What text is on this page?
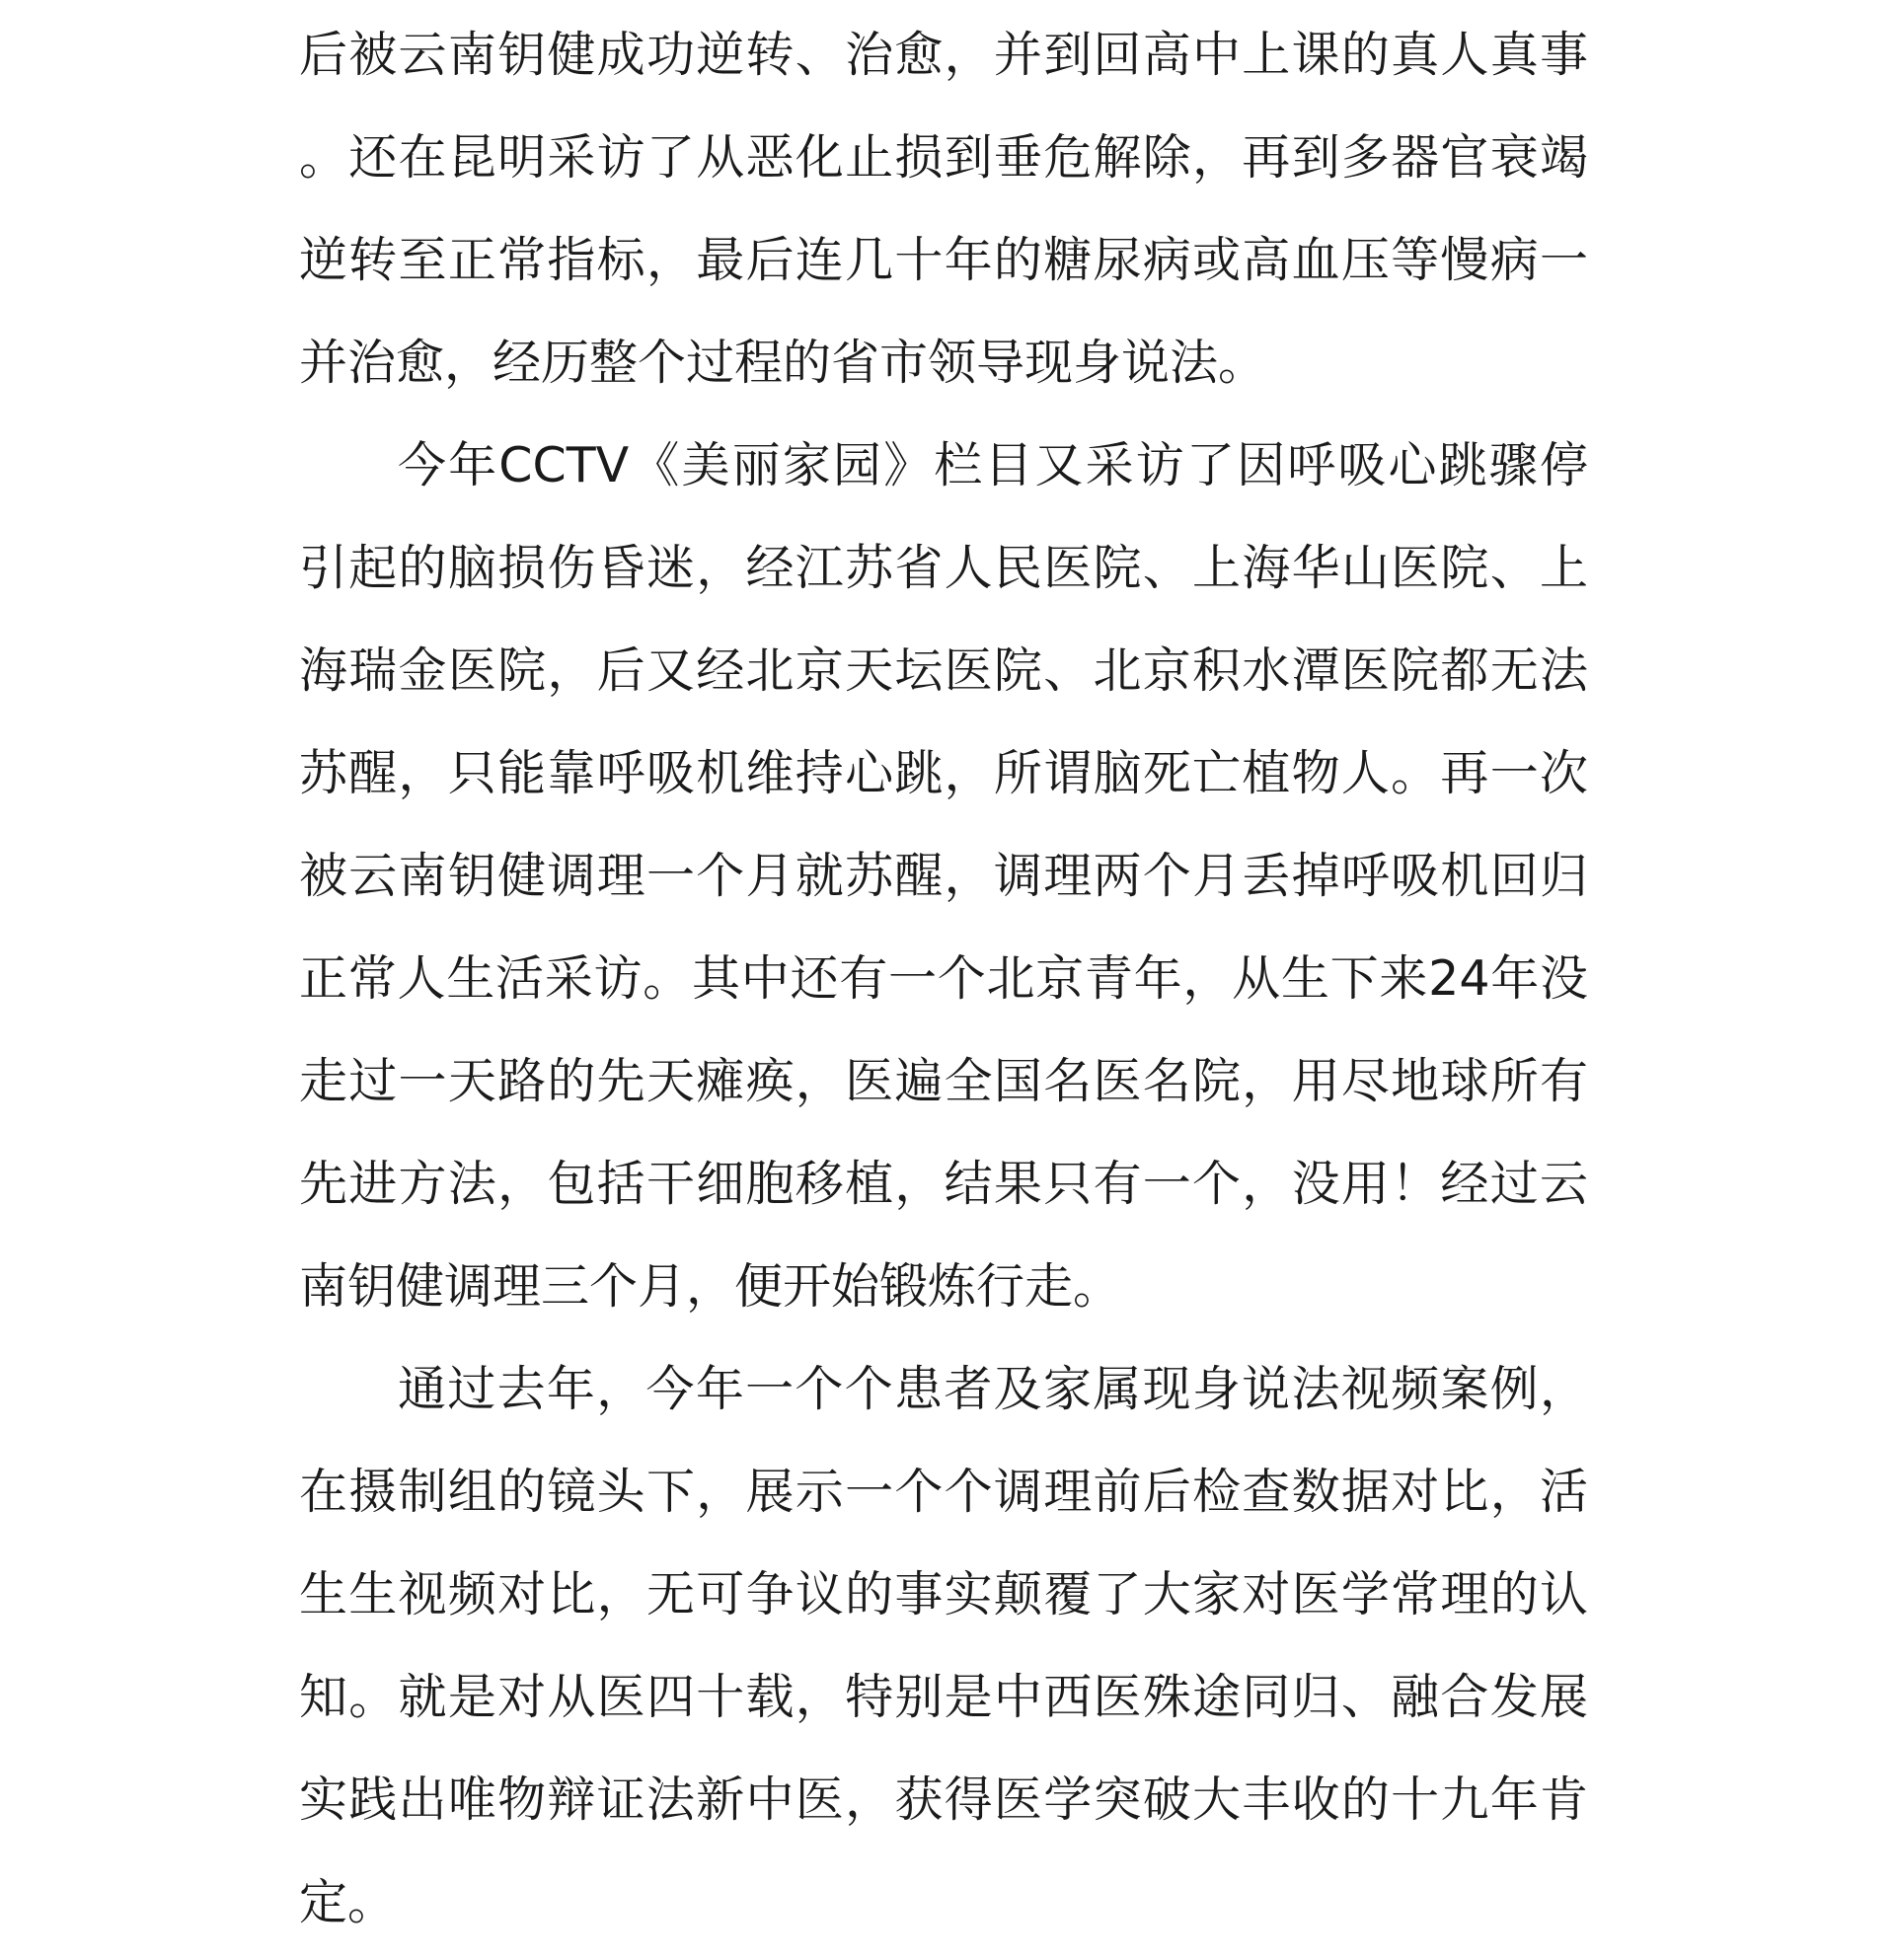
后被云南钥健成功逆转、治愈，并到回高中上课的真人真事
。还在昆明采访了从恶化止损到垂危解除，再到多器官衰竭
逆转至正常指标，最后连几十年的糖尿病或高血压等慢病一
并治愈，经历整个过程的省市领导现身说法。
今年CCTV《美丽家园》栏目又采访了因呼吸心跳骤停
引起的脑损伤昏迷，经江苏省人民医院、上海华山医院、上
海瑞金医院，后又经北京天坛医院、北京积水潭医院都无法
苏醒，只能靠呼吸机维持心跳，所谓脑死亡植物人。再一次
被云南钥健调理一个月就苏醒，调理两个月丢掉呼吸机回归
正常人生活采访。其中还有一个北京青年，从生下来24年没
走过一天路的先天瘫痪，医遍全国名医名院，用尽地球所有
先进方法，包括干细胞移植，结果只有一个，没用！经过云
南钥健调理三个月，便开始锻炼行走。
通过去年，今年一个个患者及家属现身说法视频案例，
在摄制组的镜头下，展示一个个调理前后检查数据对比，活
生生视频对比，无可争议的事实颠覆了大家对医学常理的认
知。就是对从医四十载，特别是中西医殊途同归、融合发展
实践出唯物辩证法新中医，获得医学突破大丰收的十九年肯
定。
